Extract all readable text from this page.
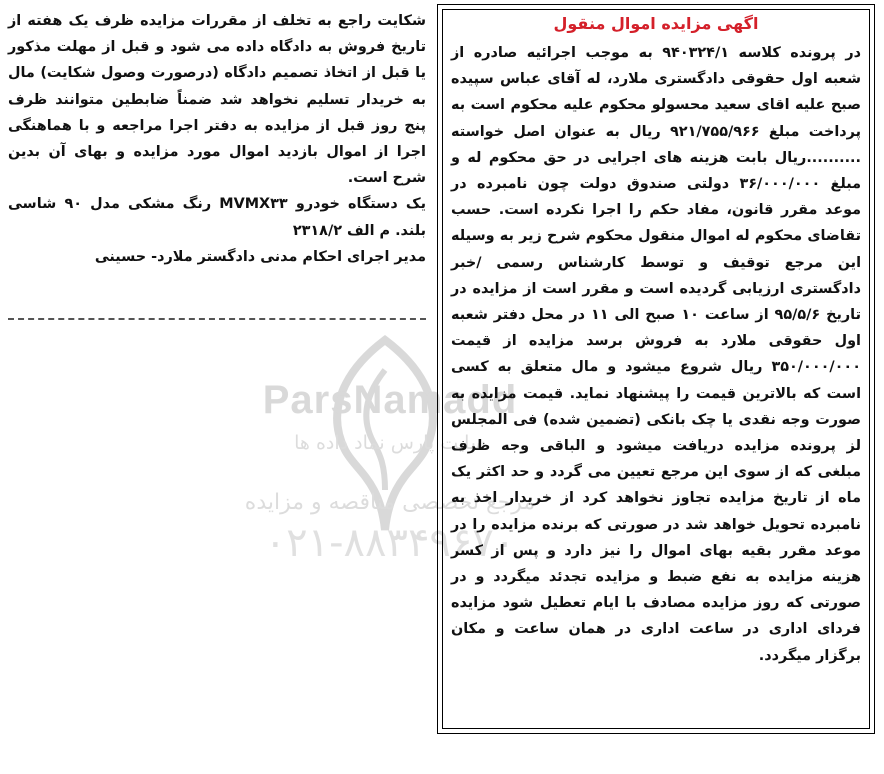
ParsNamadd
سایت پارس نماد داده ها
مرجع تخصصی مناقصه و مزایده
۰۲۱-۸۸۳۴۹۶۷۰
اگهی مزایده اموال منقول

در پرونده کلاسه ۹۴۰۳۲۴/۱ به موجب اجرائیه صادره از شعبه اول حقوقی دادگستری ملارد، له آقای عباس سپیده صبح علیه اقای سعید محسولو محکوم علیه محکوم است به پرداخت مبلغ ۹۲۱/۷۵۵/۹۶۶ ریال به عنوان اصل خواسته ..........ریال بابت هزینه های اجرایی در حق محکوم له و مبلغ ۳۶/۰۰۰/۰۰۰ دولتی صندوق دولت چون نامبرده در موعد مقرر قانون، مفاد حکم را اجرا نکرده است. حسب تقاضای محکوم له اموال منقول محکوم شرح زیر به وسیله این مرجع توقیف و توسط کارشناس رسمی /خبر دادگستری ارزیابی گردیده است و مقرر است از مزایده در تاریخ ۹۵/۵/۶ از ساعت ۱۰ صبح الی ۱۱ در محل دفتر شعبه اول حقوقی ملارد به فروش برسد مزایده از قیمت ۳۵۰/۰۰۰/۰۰۰ ریال شروع میشود و مال متعلق به کسی است که بالاترین قیمت را پیشنهاد نماید. قیمت مزایده به صورت وجه نقدی یا چک بانکی (تضمین شده) فی المجلس لز پرونده مزایده دریافت میشود و الباقی وجه ظرف مبلغی که از سوی این مرجع تعیین می گردد و حد اکثر یک ماه از تاریخ مزایده تجاوز نخواهد کرد از خریدار اخذ به نامبرده تحویل خواهد شد در صورتی که برنده مزایده را در موعد مقرر بقیه بهای اموال را نیز دارد و پس از کسر هزینه مزایده به نفع ضبط و مزایده تجدئد میگردد و در صورتی که روز مزایده مصادف با ایام تعطیل شود مزایده فردای اداری در ساعت اداری در همان ساعت و مکان برگزار میگردد.

شکایت راجع به تخلف از مقررات مزایده ظرف یک هفته از تاریخ فروش به دادگاه داده می شود و قبل از مهلت مذکور یا قبل از اتخاذ تصمیم دادگاه (درصورت وصول شکایت) مال به خریدار تسلیم نخواهد شد ضمناً ضابطین متوانند ظرف پنج روز قبل از مزایده به دفتر اجرا مراجعه و با هماهنگی اجرا از اموال بازدید اموال مورد مزایده و بهای آن بدین شرح است.

یک دستگاه خودرو MVMX۳۳ رنگ مشکی مدل ۹۰ شاسی بلند. م الف ۲۳۱۸/۲

مدیر اجرای احکام مدنی دادگستر ملارد- حسینی
